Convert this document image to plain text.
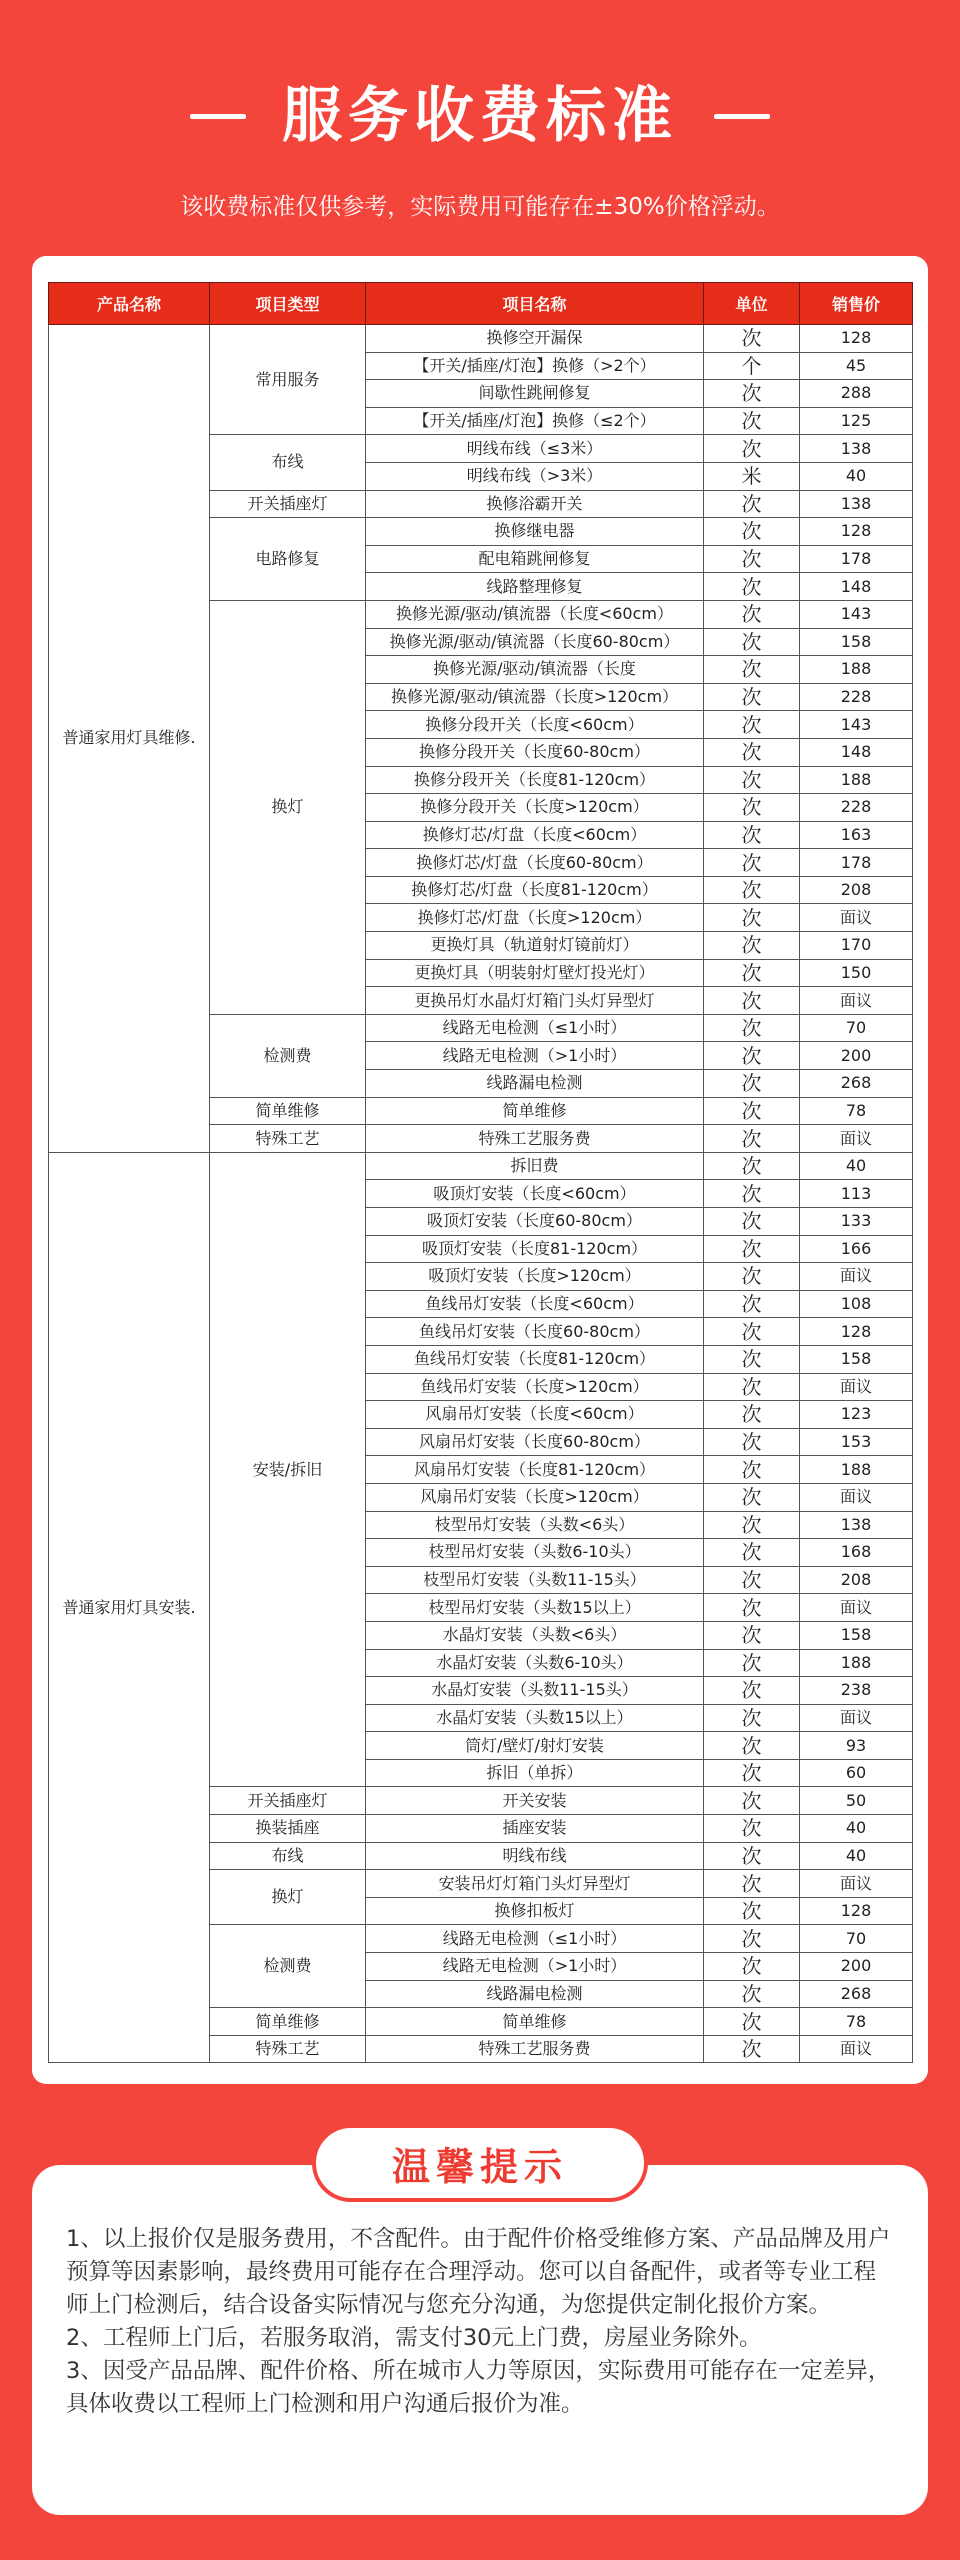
服务收费标准
该收费标准仅供参考，实际费用可能存在±30%价格浮动。
产品名称	项目类型	项目名称	单位	销售价
普通家用灯具维修.	常用服务	换修空开漏保	次	128
		【开关/插座/灯泡】换修（>2个）	个	45
		间歇性跳闸修复	次	288
		【开关/插座/灯泡】换修（≤2个）	次	125
	布线	明线布线（≤3米）	次	138
		明线布线（>3米）	米	40
	开关插座灯	换修浴霸开关	次	138
	电路修复	换修继电器	次	128
		配电箱跳闸修复	次	178
		线路整理修复	次	148
	换灯	换修光源/驱动/镇流器（长度<60cm）	次	143
		换修光源/驱动/镇流器（长度60-80cm）	次	158
		换修光源/驱动/镇流器（长度	次	188
		换修光源/驱动/镇流器（长度>120cm）	次	228
		换修分段开关（长度<60cm）	次	143
		换修分段开关（长度60-80cm）	次	148
		换修分段开关（长度81-120cm）	次	188
		换修分段开关（长度>120cm）	次	228
		换修灯芯/灯盘（长度<60cm）	次	163
		换修灯芯/灯盘（长度60-80cm）	次	178
		换修灯芯/灯盘（长度81-120cm）	次	208
		换修灯芯/灯盘（长度>120cm）	次	面议
		更换灯具（轨道射灯镜前灯）	次	170
		更换灯具（明装射灯壁灯投光灯）	次	150
		更换吊灯水晶灯灯箱门头灯异型灯	次	面议
	检测费	线路无电检测（≤1小时）	次	70
		线路无电检测（>1小时）	次	200
		线路漏电检测	次	268
	简单维修	简单维修	次	78
	特殊工艺	特殊工艺服务费	次	面议
普通家用灯具安装.	安装/拆旧	拆旧费	次	40
		吸顶灯安装（长度<60cm）	次	113
		吸顶灯安装（长度60-80cm）	次	133
		吸顶灯安装（长度81-120cm）	次	166
		吸顶灯安装（长度>120cm）	次	面议
		鱼线吊灯安装（长度<60cm）	次	108
		鱼线吊灯安装（长度60-80cm）	次	128
		鱼线吊灯安装（长度81-120cm）	次	158
		鱼线吊灯安装（长度>120cm）	次	面议
		风扇吊灯安装（长度<60cm）	次	123
		风扇吊灯安装（长度60-80cm）	次	153
		风扇吊灯安装（长度81-120cm）	次	188
		风扇吊灯安装（长度>120cm）	次	面议
		枝型吊灯安装（头数<6头）	次	138
		枝型吊灯安装（头数6-10头）	次	168
		枝型吊灯安装（头数11-15头）	次	208
		枝型吊灯安装（头数15以上）	次	面议
		水晶灯安装（头数<6头）	次	158
		水晶灯安装（头数6-10头）	次	188
		水晶灯安装（头数11-15头）	次	238
		水晶灯安装（头数15以上）	次	面议
		筒灯/壁灯/射灯安装	次	93
		拆旧（单拆）	次	60
	开关插座灯	开关安装	次	50
	换装插座	插座安装	次	40
	布线	明线布线	次	40
	换灯	安装吊灯灯箱门头灯异型灯	次	面议
		换修扣板灯	次	128
	检测费	线路无电检测（≤1小时）	次	70
		线路无电检测（>1小时）	次	200
		线路漏电检测	次	268
	简单维修	简单维修	次	78
	特殊工艺	特殊工艺服务费	次	面议

1、以上报价仅是服务费用，不含配件。由于配件价格受维修方案、产品品牌及用户预算等因素影响，最终费用可能存在合理浮动。您可以自备配件，或者等专业工程师上门检测后，结合设备实际情况与您充分沟通，为您提供定制化报价方案。

2、工程师上门后，若服务取消，需支付30元上门费，房屋业务除外。

3、因受产品品牌、配件价格、所在城市人力等原因，实际费用可能存在一定差异，具体收费以工程师上门检测和用户沟通后报价为准。

温馨提示
